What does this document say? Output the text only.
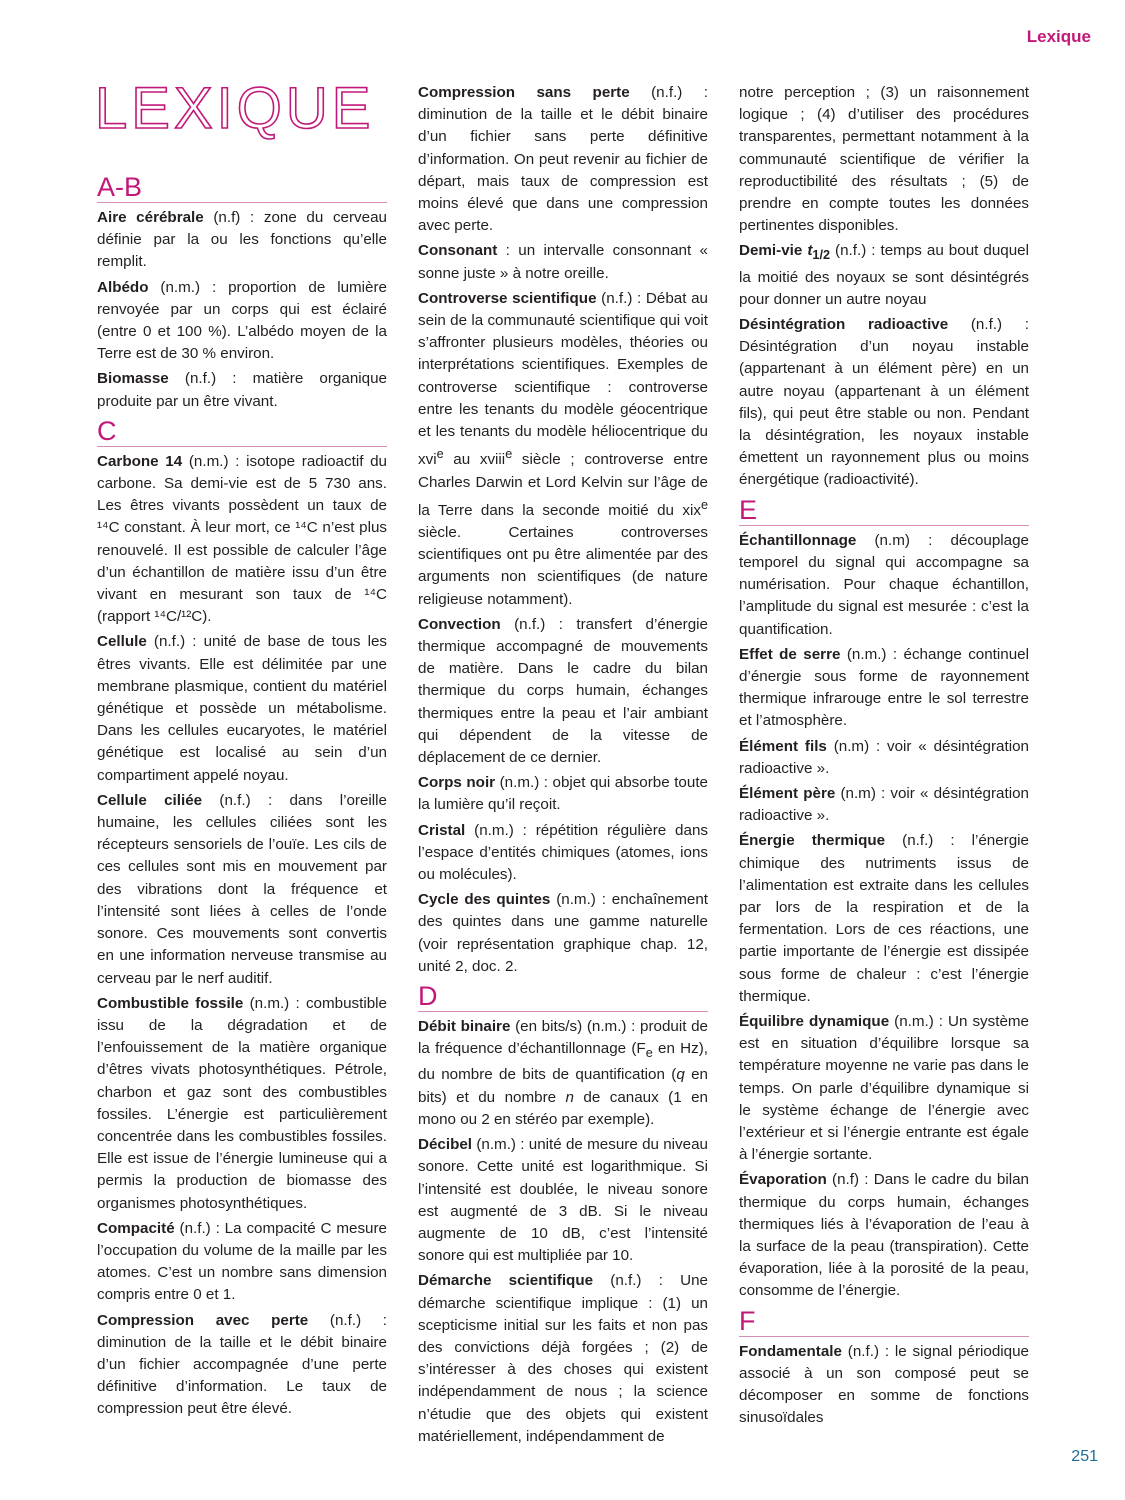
Lexique
LEXIQUE
A-B

Aire cérébrale (n.f) : zone du cerveau définie par la ou les fonctions qu’elle remplit.

Albédo (n.m.) : proportion de lumière renvoyée par un corps qui est éclairé (entre 0 et 100 %). L’albédo moyen de la Terre est de 30 % environ.

Biomasse (n.f.) : matière organique produite par un être vivant.

C

Carbone 14 (n.m.) : isotope radioactif du carbone. Sa demi-vie est de 5 730 ans. Les êtres vivants possèdent un taux de ¹⁴C constant. À leur mort, ce ¹⁴C n’est plus renouvelé. Il est possible de calculer l’âge d’un échantillon de matière issu d’un être vivant en mesurant son taux de ¹⁴C (rapport ¹⁴C/¹²C).

Cellule (n.f.) : unité de base de tous les êtres vivants. Elle est délimitée par une membrane plasmique, contient du matériel génétique et possède un métabolisme. Dans les cellules eucaryotes, le matériel génétique est localisé au sein d’un compartiment appelé noyau.

Cellule ciliée (n.f.) : dans l’oreille humaine, les cellules ciliées sont les récepteurs sensoriels de l’ouïe. Les cils de ces cellules sont mis en mouvement par des vibrations dont la fréquence et l’intensité sont liées à celles de l’onde sonore. Ces mouvements sont convertis en une information nerveuse transmise au cerveau par le nerf auditif.

Combustible fossile (n.m.) : combustible issu de la dégradation et de l’enfouissement de la matière organique d’êtres vivats photosynthétiques. Pétrole, charbon et gaz sont des combustibles fossiles. L’énergie est particulièrement concentrée dans les combustibles fossiles. Elle est issue de l’énergie lumineuse qui a permis la production de biomasse des organismes photosynthétiques.

Compacité (n.f.) : La compacité C mesure l’occupation du volume de la maille par les atomes. C’est un nombre sans dimension compris entre 0 et 1.

Compression avec perte (n.f.) : diminution de la taille et le débit binaire d’un fichier accompagnée d’une perte définitive d’information. Le taux de compression peut être élevé.

Compression sans perte (n.f.) : diminution de la taille et le débit binaire d’un fichier sans perte définitive d’information. On peut revenir au fichier de départ, mais taux de compression est moins élevé que dans une compression avec perte.

Consonant : un intervalle consonnant « sonne juste » à notre oreille.

Controverse scientifique (n.f.) : Débat au sein de la communauté scientifique qui voit s’affronter plusieurs modèles, théories ou interprétations scientifiques. Exemples de controverse scientifique : controverse entre les tenants du modèle géocentrique et les tenants du modèle héliocentrique du xvi$^e$ au xviii$^e$ siècle ; controverse entre Charles Darwin et Lord Kelvin sur l’âge de la Terre dans la seconde moitié du xix$^e$ siècle. Certaines controverses scientifiques ont pu être alimentée par des arguments non scientifiques (de nature religieuse notamment).

Convection (n.f.) : transfert d’énergie thermique accompagné de mouvements de matière. Dans le cadre du bilan thermique du corps humain, échanges thermiques entre la peau et l’air ambiant qui dépendent de la vitesse de déplacement de ce dernier.

Corps noir (n.m.) : objet qui absorbe toute la lumière qu’il reçoit.

Cristal (n.m.) : répétition régulière dans l’espace d’entités chimiques (atomes, ions ou molécules).

Cycle des quintes (n.m.) : enchaînement des quintes dans une gamme naturelle (voir représentation graphique chap. 12, unité 2, doc. 2.

D

Débit binaire (en bits/s) (n.m.) : produit de la fréquence d’échantillonnage ($F_e$ en Hz), du nombre de bits de quantification (q en bits) et du nombre n de canaux (1 en mono ou 2 en stéréo par exemple).

Décibel (n.m.) : unité de mesure du niveau sonore. Cette unité est logarithmique. Si l’intensité est doublée, le niveau sonore est augmenté de 3 dB. Si le niveau augmente de 10 dB, c’est l’intensité sonore qui est multipliée par 10.

Démarche scientifique (n.f.) : Une démarche scientifique implique : (1) un scepticisme initial sur les faits et non pas des convictions déjà forgées ; (2) de s’intéresser à des choses qui existent indépendamment de nous ; la science n’étudie que des objets qui existent matériellement, indépendamment de

notre perception ; (3) un raisonnement logique ; (4) d’utiliser des procédures transparentes, permettant notamment à la communauté scientifique de vérifier la reproductibilité des résultats ; (5) de prendre en compte toutes les données pertinentes disponibles.

Demi-vie $t_{1/2}$ (n.f.) : temps au bout duquel la moitié des noyaux se sont désintégrés pour donner un autre noyau

Désintégration radioactive (n.f.) : Désintégration d’un noyau instable (appartenant à un élément père) en un autre noyau (appartenant à un élément fils), qui peut être stable ou non. Pendant la désintégration, les noyaux instable émettent un rayonnement plus ou moins énergétique (radioactivité).

E

Échantillonnage (n.m) : découplage temporel du signal qui accompagne sa numérisation. Pour chaque échantillon, l’amplitude du signal est mesurée : c’est la quantification.

Effet de serre (n.m.) : échange continuel d’énergie sous forme de rayonnement thermique infrarouge entre le sol terrestre et l’atmosphère.

Élément fils (n.m) : voir « désintégration radioactive ».

Élément père (n.m) : voir « désintégration radioactive ».

Énergie thermique (n.f.) : l’énergie chimique des nutriments issus de l’alimentation est extraite dans les cellules par lors de la respiration et de la fermentation. Lors de ces réactions, une partie importante de l’énergie est dissipée sous forme de chaleur : c’est l’énergie thermique.

Équilibre dynamique (n.m.) : Un système est en situation d’équilibre lorsque sa température moyenne ne varie pas dans le temps. On parle d’équilibre dynamique si le système échange de l’énergie avec l’extérieur et si l’énergie entrante est égale à l’énergie sortante.

Évaporation (n.f) : Dans le cadre du bilan thermique du corps humain, échanges thermiques liés à l’évaporation de l’eau à la surface de la peau (transpiration). Cette évaporation, liée à la porosité de la peau, consomme de l’énergie.

F

Fondamentale (n.f.) : le signal périodique associé à un son composé peut se décomposer en somme de fonctions sinusoïdales

251
